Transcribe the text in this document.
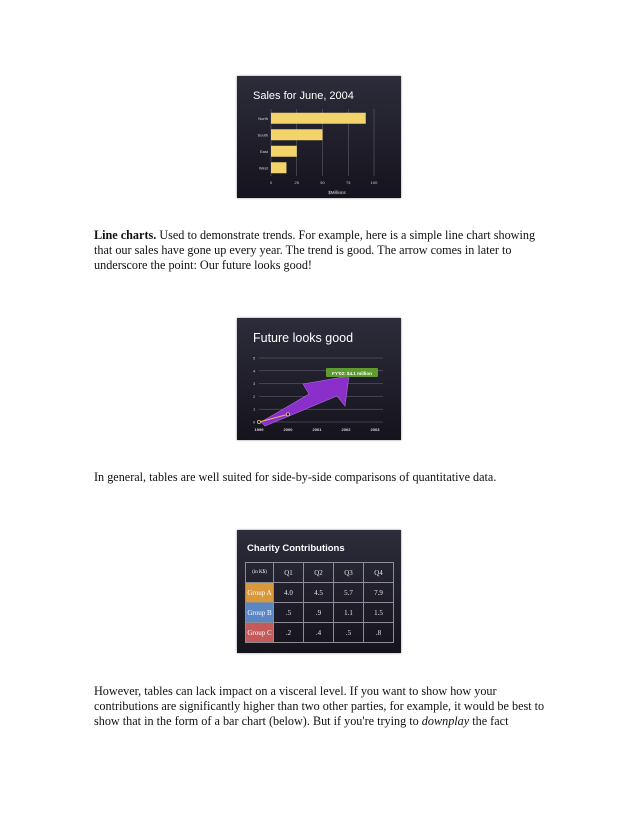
Sales for June, 2004
North
South
East
West
0	25	50	75	100
$Millions

Line charts. Used to demonstrate trends. For example, here is a simple line chart showing that our sales have gone up every year. The trend is good. The arrow comes in later to underscore the point: Our future looks good!

Future looks good
0
1
2
3
4
5
FY'02: $4.1 million
1999	2000	2001	2002	2003

In general, tables are well suited for side-by-side comparisons of quantitative data.

Charity Contributions
(in K$)	Q1	Q2	Q3	Q4
Group A	4.0	4.5	5.7	7.9
Group B	.5	.9	1.1	1.5
Group C	.2	.4	.5	.8

However, tables can lack impact on a visceral level. If you want to show how your contributions are significantly higher than two other parties, for example, it would be best to show that in the form of a bar chart (below). But if you're trying to downplay the fact
